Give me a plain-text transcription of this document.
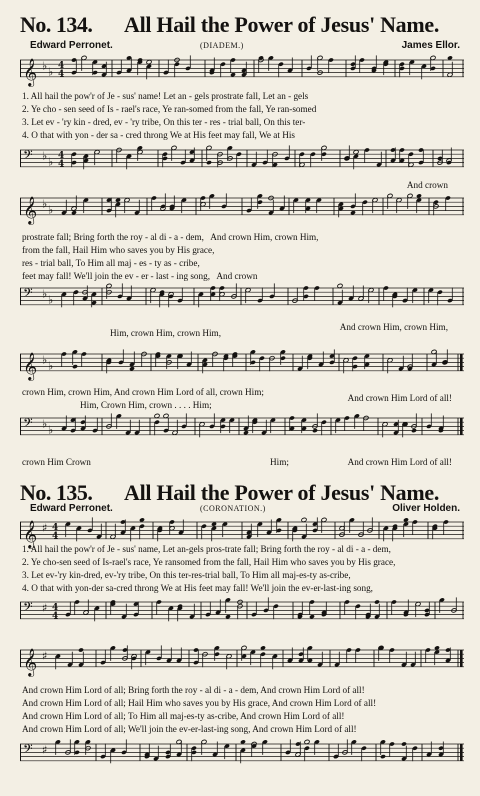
No. 134. All Hail the Power of Jesus' Name.
Edward Perronet.	(DIADEM.)	James Ellor.
𝄞 ♭ ♭ 4
4
1. All hail the pow'r of Je - sus' name! Let an - gels prostrate fall, Let an - gels
2. Ye cho - sen seed of Is - rael's race, Ye ran-somed from the fall, Ye ran-somed
3. Let ev - 'ry kin - dred, ev - 'ry tribe, On this ter - res - trial ball, On this ter-
4. O that with yon - der sa - cred throng We at His feet may fall, We at His
𝄢 ♭ ♭ 4
4
And crown
𝄞 ♭ ♭
prostrate fall; Bring forth the roy - al di - a - dem,   And crown Him, crown Him,
from the fall, Hail Him who saves you by His grace,
res - trial ball, To Him all maj - es - ty as - cribe,
feet may fall! We'll join the ev - er - last - ing song,   And crown
𝄢 ♭ ♭
Him, crown Him, crown Him,
And crown Him, crown Him,
𝄞 ♭ ♭
crown Him, crown Him, And crown Him Lord of all, crown Him;
Him, Crown Him, crown . . . . Him;
And crown Him Lord of all!
𝄢 ♭ ♭
crown Him Crown	Him;	And crown Him Lord of all!
No. 135. All Hail the Power of Jesus' Name.
Edward Perronet.	(CORONATION.)	Oliver Holden.
𝄞 ♯ 4
4
1. All hail the pow'r of Je - sus' name, Let an-gels pros-trate fall; Bring forth the roy - al di - a - dem,
2. Ye cho-sen seed of Is-rael's race, Ye ransomed from the fall, Hail Him who saves you by His grace,
3. Let ev-'ry kin-dred, ev-'ry tribe, On this ter-res-trial ball, To Him all maj-es-ty as-cribe,
4. O that with yon-der sa-cred throng We at His feet may fall! We'll join the ev-er-last-ing song,
𝄢 ♯ 4
4
𝄞 ♯
And crown Him Lord of all; Bring forth the roy - al di - a - dem, And crown Him Lord of all!
And crown Him Lord of all; Hail Him who saves you by His grace, And crown Him Lord of all!
And crown Him Lord of all; To Him all maj-es-ty as-cribe, And crown Him Lord of all!
And crown Him Lord of all; We'll join the ev-er-last-ing song, And crown Him Lord of all!
𝄢 ♯
